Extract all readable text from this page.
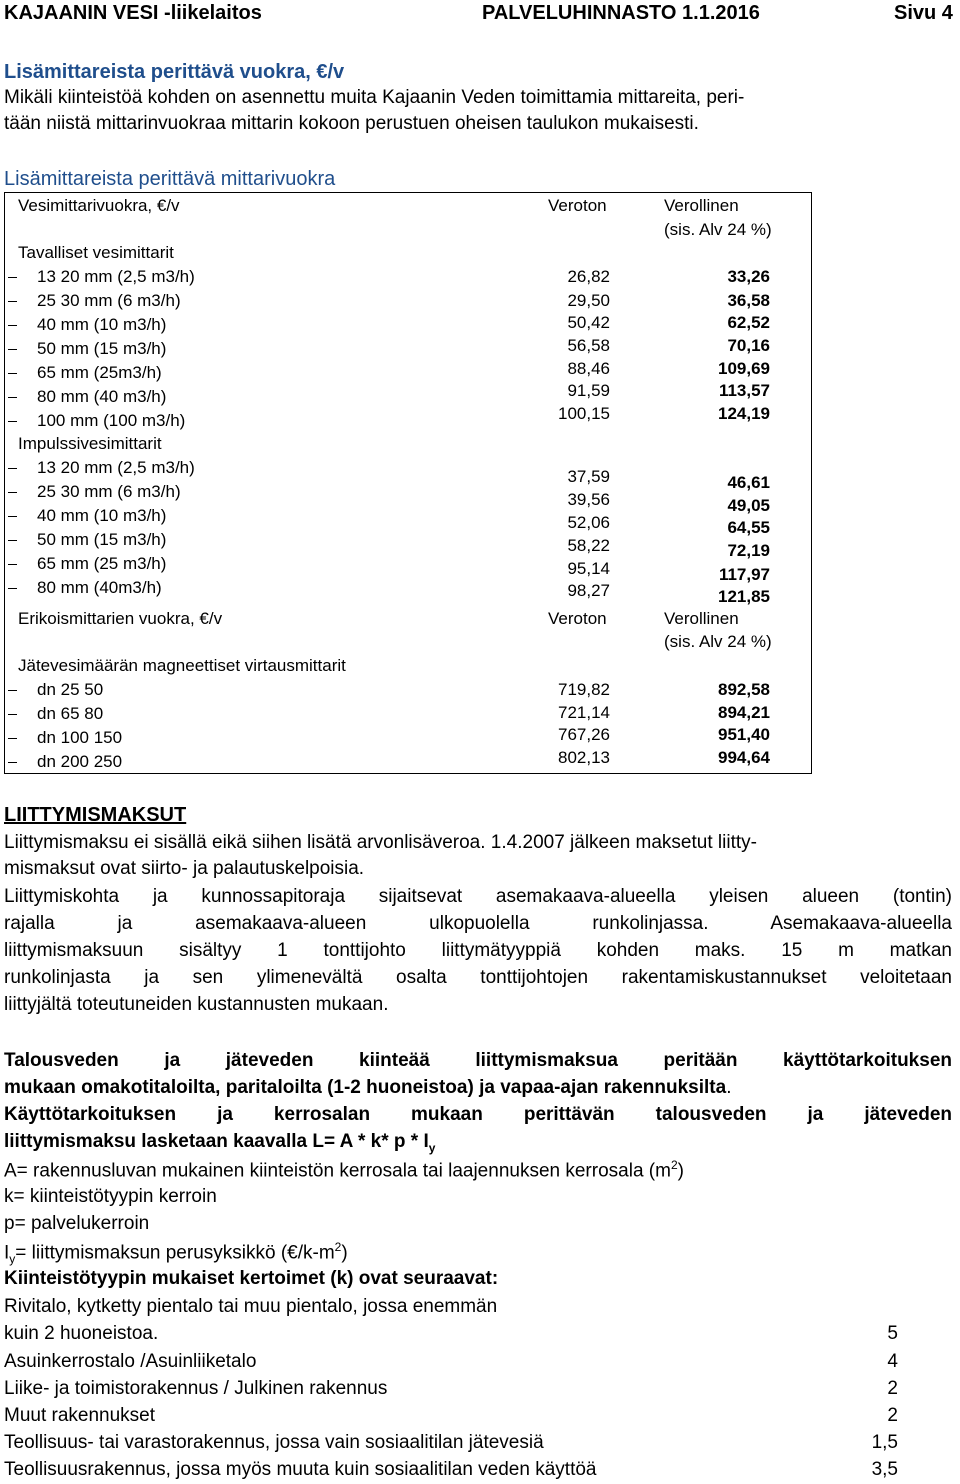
KAJAANIN VESI -liikelaitos	PALVELUHINNASTO 1.1.2016	Sivu 4
Lisämittareista perittävä vuokra, €/v
Mikäli kiinteistöä kohden on asennettu muita Kajaanin Veden toimittamia mittareita, peri-
tään niistä mittarinvuokraa mittarin kokoon perustuen oheisen taulukon mukaisesti.
Lisämittareista perittävä mittarivuokra
Vesimittarivuokra, €/v	Veroton	Verollinen
(sis. Alv 24 %)
Tavalliset vesimittarit
13 20 mm (2,5 m3/h)	26,82	33,26
25 30 mm (6 m3/h)	29,50	36,58
40 mm (10 m3/h)	50,42	62,52
50 mm (15 m3/h)	56,58	70,16
65 mm (25m3/h)	88,46	109,69
80 mm (40 m3/h)	91,59	113,57
100 mm (100 m3/h)	100,15	124,19
Impulssivesimittarit
13 20 mm (2,5 m3/h)	37,59	46,61
25 30 mm (6 m3/h)	39,56	49,05
40 mm (10 m3/h)	52,06	64,55
50 mm (15 m3/h)	58,22	72,19
65 mm (25 m3/h)	95,14	117,97
80 mm (40m3/h)	98,27	121,85
Erikoismittarien vuokra, €/v	Veroton	Verollinen
(sis. Alv 24 %)
Jätevesimäärän magneettiset virtausmittarit
dn 25 50	719,82	892,58
dn 65 80	721,14	894,21
dn 100 150	767,26	951,40
dn 200 250	802,13	994,64
LIITTYMISMAKSUT
Liittymismaksu ei sisällä eikä siihen lisätä arvonlisäveroa. 1.4.2007 jälkeen maksetut liitty-
mismaksut ovat siirto- ja palautuskelpoisia.
Liittymiskohta ja kunnossapitoraja sijaitsevat asemakaava-alueella yleisen alueen (tontin)
rajalla ja asemakaava-alueen ulkopuolella runkolinjassa. Asemakaava-alueella
liittymismaksuun sisältyy 1 tonttijohto liittymätyyppiä kohden maks. 15 m matkan
runkolinjasta ja sen ylimenevältä osalta tonttijohtojen rakentamiskustannukset veloitetaan
liittyjältä toteutuneiden kustannusten mukaan.
Talousveden ja jäteveden kiinteää liittymismaksua peritään käyttötarkoituksen
mukaan omakotitaloilta, paritaloilta (1-2 huoneistoa) ja vapaa-ajan rakennuksilta.
Käyttötarkoituksen ja kerrosalan mukaan perittävän talousveden ja jäteveden
liittymismaksu lasketaan kaavalla L= A * k* p * $I_y$
A= rakennusluvan mukainen kiinteistön kerrosala tai laajennuksen kerrosala $(m^2)$
k= kiinteistötyypin kerroin
p= palvelukerroin
$I_y=$ liittymismaksun perusyksikkö $(€/k-m^2)$
Kiinteistötyypin mukaiset kertoimet (k) ovat seuraavat:
Rivitalo, kytketty pientalo tai muu pientalo, jossa enemmän
kuin 2 huoneistoa.	5
Asuinkerrostalo /Asuinliiketalo	4
Liike- ja toimistorakennus / Julkinen rakennus	2
Muut rakennukset	2
Teollisuus- tai varastorakennus, jossa vain sosiaalitilan jätevesiä	1,5
Teollisuusrakennus, jossa myös muuta kuin sosiaalitilan veden käyttöä	3,5
